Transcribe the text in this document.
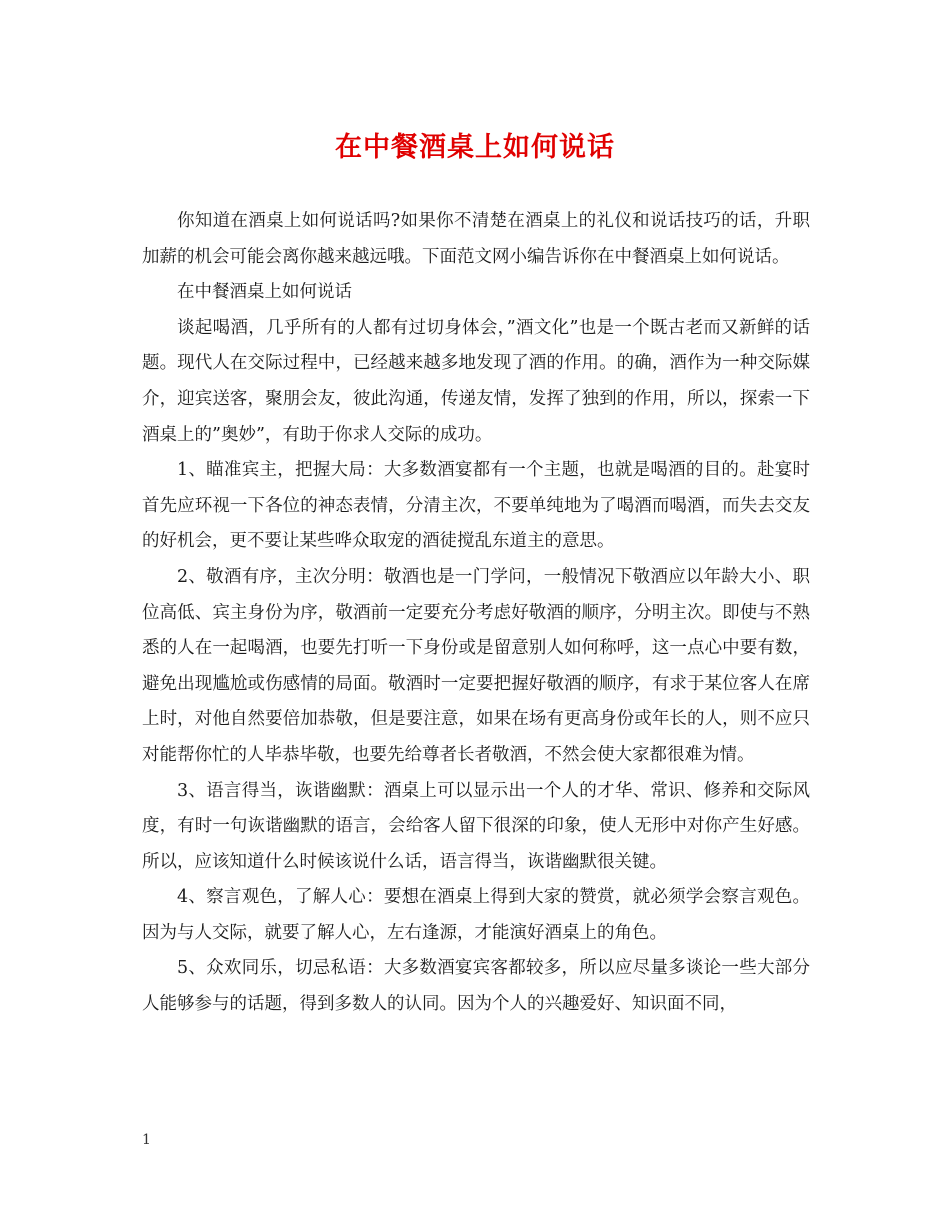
在中餐酒桌上如何说话

你知道在酒桌上如何说话吗?如果你不清楚在酒桌上的礼仪和说话技巧的话，升职加薪的机会可能会离你越来越远哦。下面范文网小编告诉你在中餐酒桌上如何说话。

在中餐酒桌上如何说话

谈起喝酒，几乎所有的人都有过切身体会，”酒文化”也是一个既古老而又新鲜的话题。现代人在交际过程中，已经越来越多地发现了酒的作用。的确，酒作为一种交际媒介，迎宾送客，聚朋会友，彼此沟通，传递友情，发挥了独到的作用，所以，探索一下酒桌上的”奥妙”，有助于你求人交际的成功。

1、瞄准宾主，把握大局：大多数酒宴都有一个主题，也就是喝酒的目的。赴宴时首先应环视一下各位的神态表情，分清主次，不要单纯地为了喝酒而喝酒，而失去交友的好机会，更不要让某些哗众取宠的酒徒搅乱东道主的意思。

2、敬酒有序，主次分明：敬酒也是一门学问，一般情况下敬酒应以年龄大小、职位高低、宾主身份为序，敬酒前一定要充分考虑好敬酒的顺序，分明主次。即使与不熟悉的人在一起喝酒，也要先打听一下身份或是留意别人如何称呼，这一点心中要有数，避免出现尴尬或伤感情的局面。敬酒时一定要把握好敬酒的顺序，有求于某位客人在席上时，对他自然要倍加恭敬，但是要注意，如果在场有更高身份或年长的人，则不应只对能帮你忙的人毕恭毕敬，也要先给尊者长者敬酒，不然会使大家都很难为情。

3、语言得当，诙谐幽默：酒桌上可以显示出一个人的才华、常识、修养和交际风度，有时一句诙谐幽默的语言，会给客人留下很深的印象，使人无形中对你产生好感。所以，应该知道什么时候该说什么话，语言得当，诙谐幽默很关键。

4、察言观色，了解人心：要想在酒桌上得到大家的赞赏，就必须学会察言观色。因为与人交际，就要了解人心，左右逢源，才能演好酒桌上的角色。

5、众欢同乐，切忌私语：大多数酒宴宾客都较多，所以应尽量多谈论一些大部分人能够参与的话题，得到多数人的认同。因为个人的兴趣爱好、知识面不同，

1
